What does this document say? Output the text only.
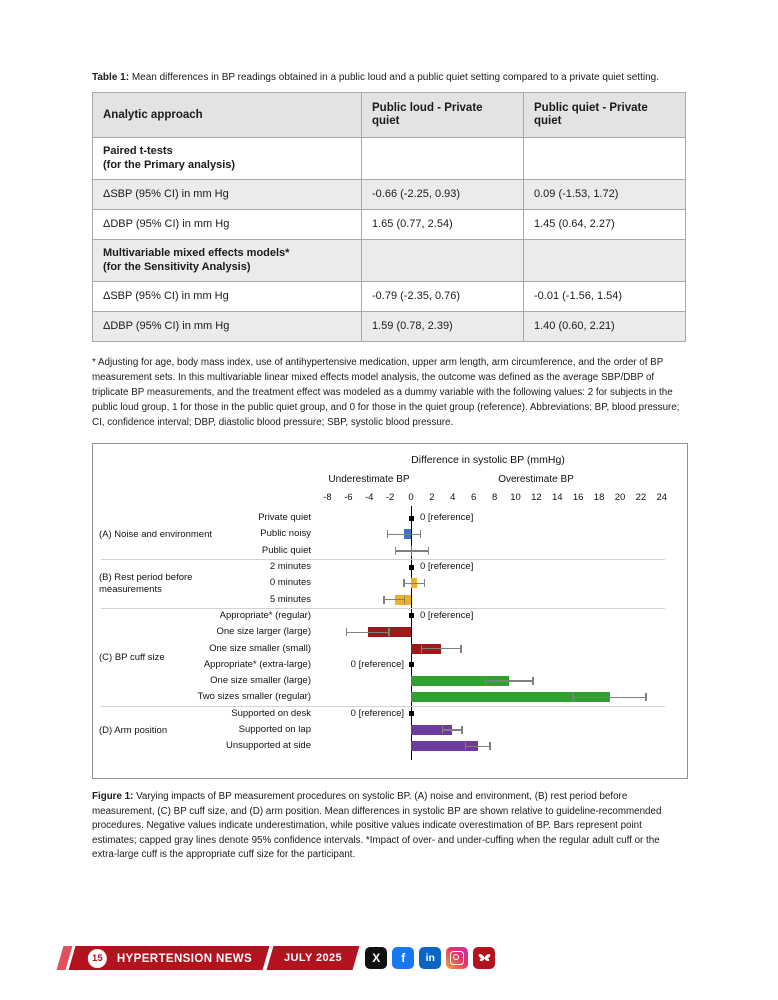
Table 1: Mean differences in BP readings obtained in a public loud and a public quiet setting compared to a private quiet setting.

Analytic approach	Public loud - Private quiet	Public quiet - Private quiet

Paired t-tests
(for the Primary analysis)		

ΔSBP (95% CI) in mm Hg	-0.66 (-2.25, 0.93)	0.09 (-1.53, 1.72)
ΔDBP (95% CI) in mm Hg	1.65 (0.77, 2.54)	1.45 (0.64, 2.27)

Multivariable mixed effects models*
(for the Sensitivity Analysis)		

ΔSBP (95% CI) in mm Hg	-0.79 (-2.35, 0.76)	-0.01 (-1.56, 1.54)
ΔDBP (95% CI) in mm Hg	1.59 (0.78, 2.39)	1.40 (0.60, 2.21)

* Adjusting for age, body mass index, use of antihypertensive medication, upper arm length, arm circumference, and the order of BP measurement sets. In this multivariable linear mixed effects model analysis, the outcome was defined as the average SBP/DBP of triplicate BP measurements, and the treatment effect was modeled as a dummy variable with the following values: 2 for subjects in the public loud group, 1 for those in the public quiet group, and 0 for those in the quiet group (reference). Abbreviations: BP, blood pressure; CI, confidence interval; DBP, diastolic blood pressure; SBP, systolic blood pressure.

Difference in systolic BP (mmHg)
Underestimate BP	Overestimate BP
-8	-6	-4	-2	0	2	4	6	8	10	12	14	16	18	20	22	24
Private quiet	0 [reference]
Public noisy
Public quiet
(A) Noise and environment
2 minutes	0 [reference]
0 minutes
5 minutes
(B) Rest period before measurements
Appropriate* (regular)	0 [reference]
One size larger (large)
One size smaller (small)
Appropriate* (extra-large)	0 [reference]
One size smaller (large)
Two sizes smaller (regular)
(C) BP cuff size
Supported on desk	0 [reference]
Supported on lap
Unsupported at side
(D) Arm position

Figure 1: Varying impacts of BP measurement procedures on systolic BP. (A) noise and environment, (B) rest period before measurement, (C) BP cuff size, and (D) arm position. Mean differences in systolic BP are shown relative to guideline-recommended procedures. Negative values indicate underestimation, while positive values indicate overestimation of BP. Bars represent point estimates; capped gray lines denote 95% confidence intervals. *Impact of over- and under-cuffing when the regular adult cuff or the extra-large cuff is the appropriate cuff size for the participant.

15	HYPERTENSION NEWS	JULY 2025	X	f	in
